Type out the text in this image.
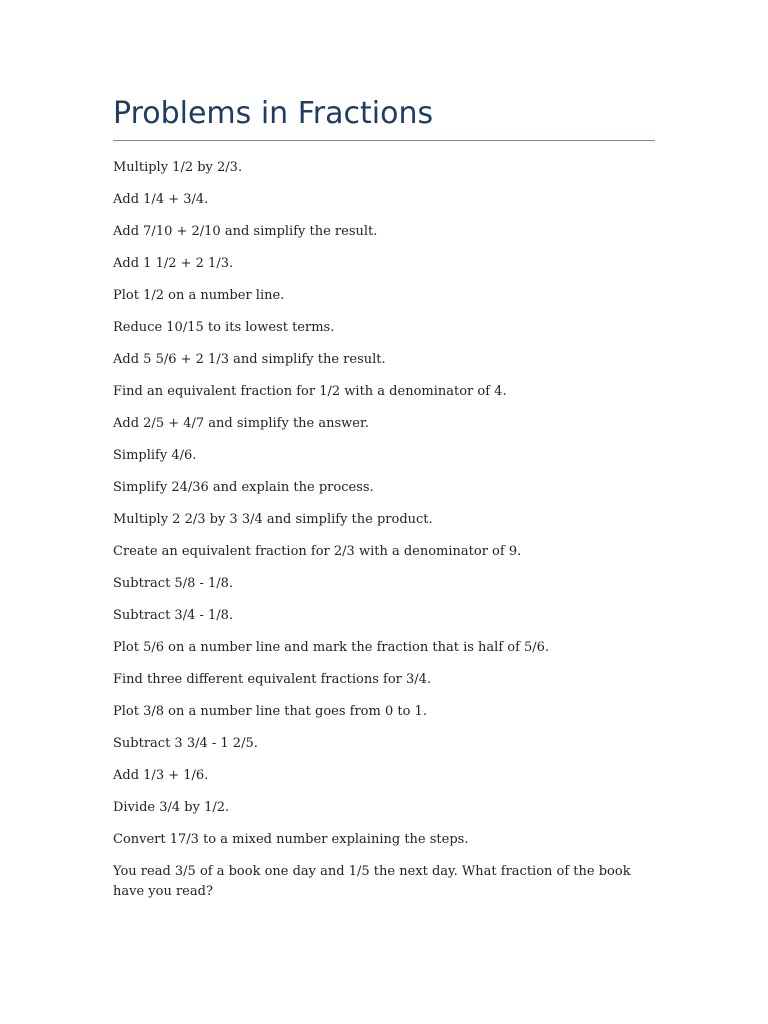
Problems in Fractions
Multiply 1/2 by 2/3.
Add 1/4 + 3/4.
Add 7/10 + 2/10 and simplify the result.
Add 1 1/2 + 2 1/3.
Plot 1/2 on a number line.
Reduce 10/15 to its lowest terms.
Add 5 5/6 + 2 1/3 and simplify the result.
Find an equivalent fraction for 1/2 with a denominator of 4.
Add 2/5 + 4/7 and simplify the answer.
Simplify 4/6.
Simplify 24/36 and explain the process.
Multiply 2 2/3 by 3 3/4 and simplify the product.
Create an equivalent fraction for 2/3 with a denominator of 9.
Subtract 5/8 - 1/8.
Subtract 3/4 - 1/8.
Plot 5/6 on a number line and mark the fraction that is half of 5/6.
Find three different equivalent fractions for 3/4.
Plot 3/8 on a number line that goes from 0 to 1.
Subtract 3 3/4 - 1 2/5.
Add 1/3 + 1/6.
Divide 3/4 by 1/2.
Convert 17/3 to a mixed number explaining the steps.
You read 3/5 of a book one day and 1/5 the next day. What fraction of the book have you read?
